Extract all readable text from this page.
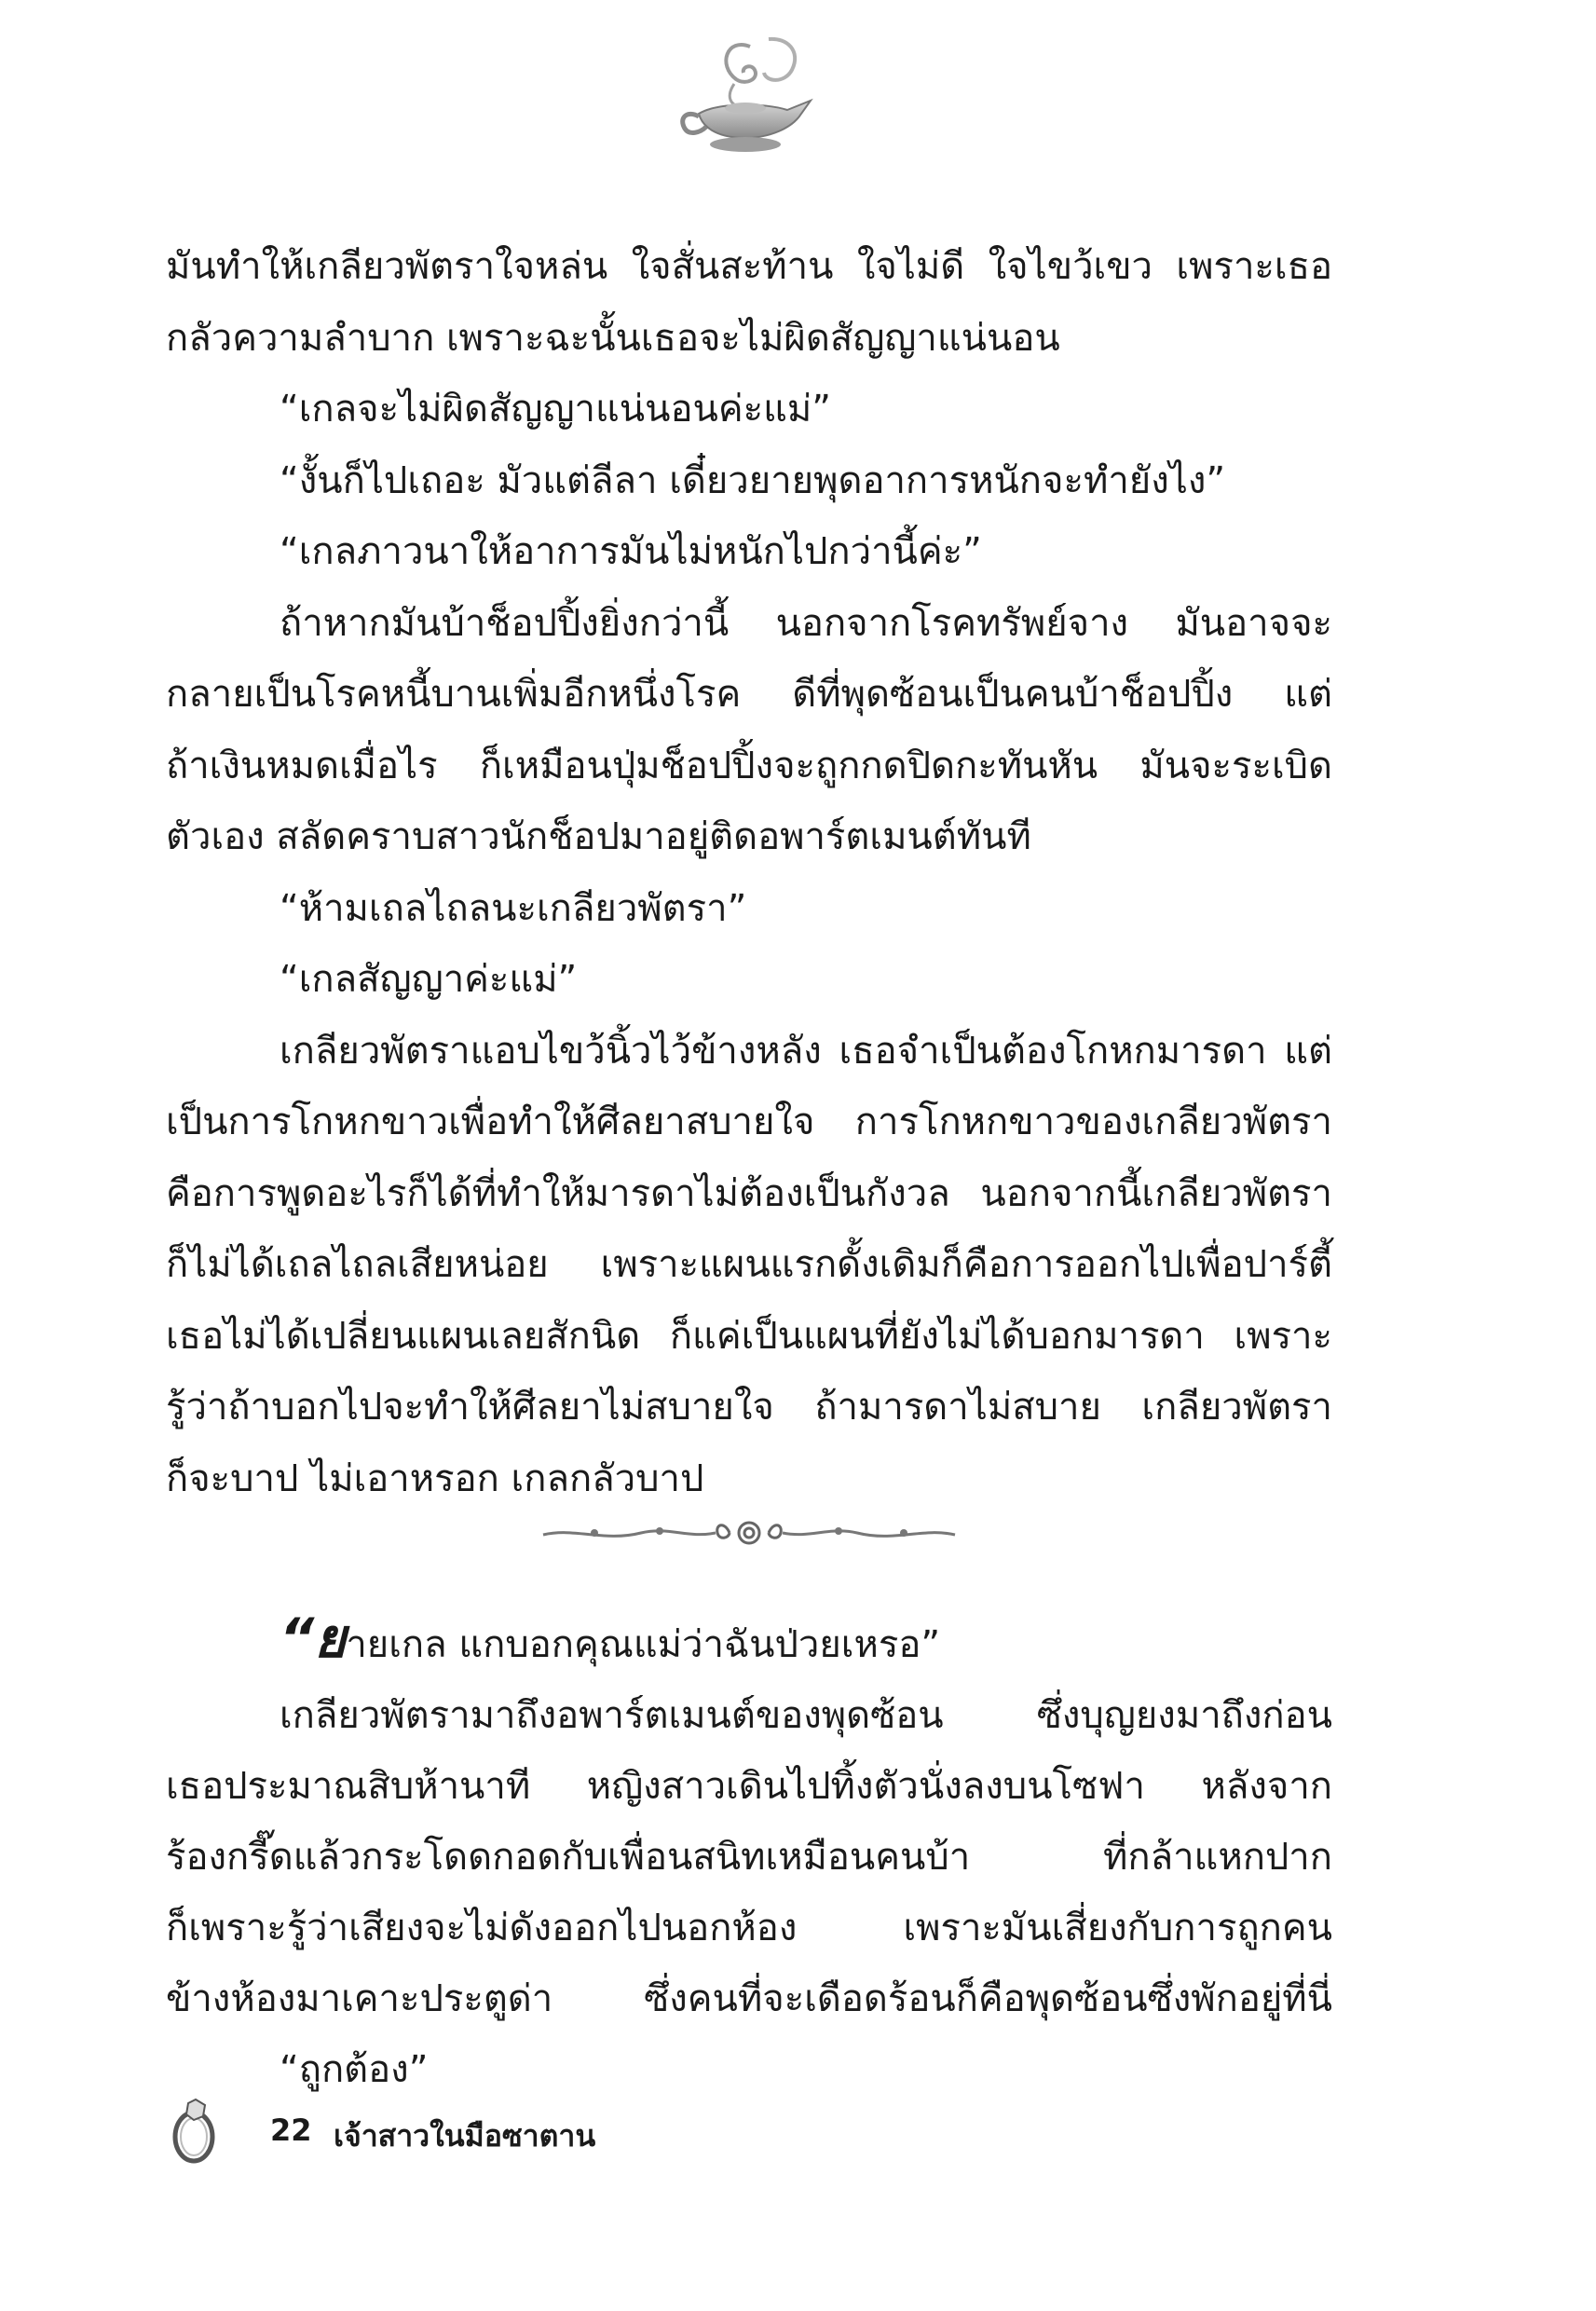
มันทำให้เกลียวพัตราใจหล่น ใจสั่นสะท้าน ใจไม่ดี ใจไขว้เขว เพราะเธอ

กลัวความลำบาก เพราะฉะนั้นเธอจะไม่ผิดสัญญาแน่นอน

“เกลจะไม่ผิดสัญญาแน่นอนค่ะแม่”

“งั้นก็ไปเถอะ มัวแต่ลีลา เดี๋ยวยายพุดอาการหนักจะทำยังไง”

“เกลภาวนาให้อาการมันไม่หนักไปกว่านี้ค่ะ”

ถ้าหากมันบ้าช็อปปิ้งยิ่งกว่านี้ นอกจากโรคทรัพย์จาง มันอาจจะ

กลายเป็นโรคหนี้บานเพิ่มอีกหนึ่งโรค ดีที่พุดซ้อนเป็นคนบ้าช็อปปิ้ง แต่

ถ้าเงินหมดเมื่อไร ก็เหมือนปุ่มช็อปปิ้งจะถูกกดปิดกะทันหัน มันจะระเบิด

ตัวเอง สลัดคราบสาวนักช็อปมาอยู่ติดอพาร์ตเมนต์ทันที

“ห้ามเถลไถลนะเกลียวพัตรา”

“เกลสัญญาค่ะแม่”

เกลียวพัตราแอบไขว้นิ้วไว้ข้างหลัง เธอจำเป็นต้องโกหกมารดา แต่

เป็นการโกหกขาวเพื่อทำให้ศีลยาสบายใจ การโกหกขาวของเกลียวพัตรา

คือการพูดอะไรก็ได้ที่ทำให้มารดาไม่ต้องเป็นกังวล นอกจากนี้เกลียวพัตรา

ก็ไม่ได้เถลไถลเสียหน่อย เพราะแผนแรกดั้งเดิมก็คือการออกไปเพื่อปาร์ตี้

เธอไม่ได้เปลี่ยนแผนเลยสักนิด ก็แค่เป็นแผนที่ยังไม่ได้บอกมารดา เพราะ

รู้ว่าถ้าบอกไปจะทำให้ศีลยาไม่สบายใจ ถ้ามารดาไม่สบาย เกลียวพัตรา

ก็จะบาป ไม่เอาหรอก เกลกลัวบาป

“ยายเกล แกบอกคุณแม่ว่าฉันป่วยเหรอ”

เกลียวพัตรามาถึงอพาร์ตเมนต์ของพุดซ้อน ซึ่งบุญยงมาถึงก่อน

เธอประมาณสิบห้านาที หญิงสาวเดินไปทิ้งตัวนั่งลงบนโซฟา หลังจาก

ร้องกรี๊ดแล้วกระโดดกอดกับเพื่อนสนิทเหมือนคนบ้า ที่กล้าแหกปาก

ก็เพราะรู้ว่าเสียงจะไม่ดังออกไปนอกห้อง เพราะมันเสี่ยงกับการถูกคน

ข้างห้องมาเคาะประตูด่า ซึ่งคนที่จะเดือดร้อนก็คือพุดซ้อนซึ่งพักอยู่ที่นี่

“ถูกต้อง”

22 เจ้าสาวในมือซาตาน
